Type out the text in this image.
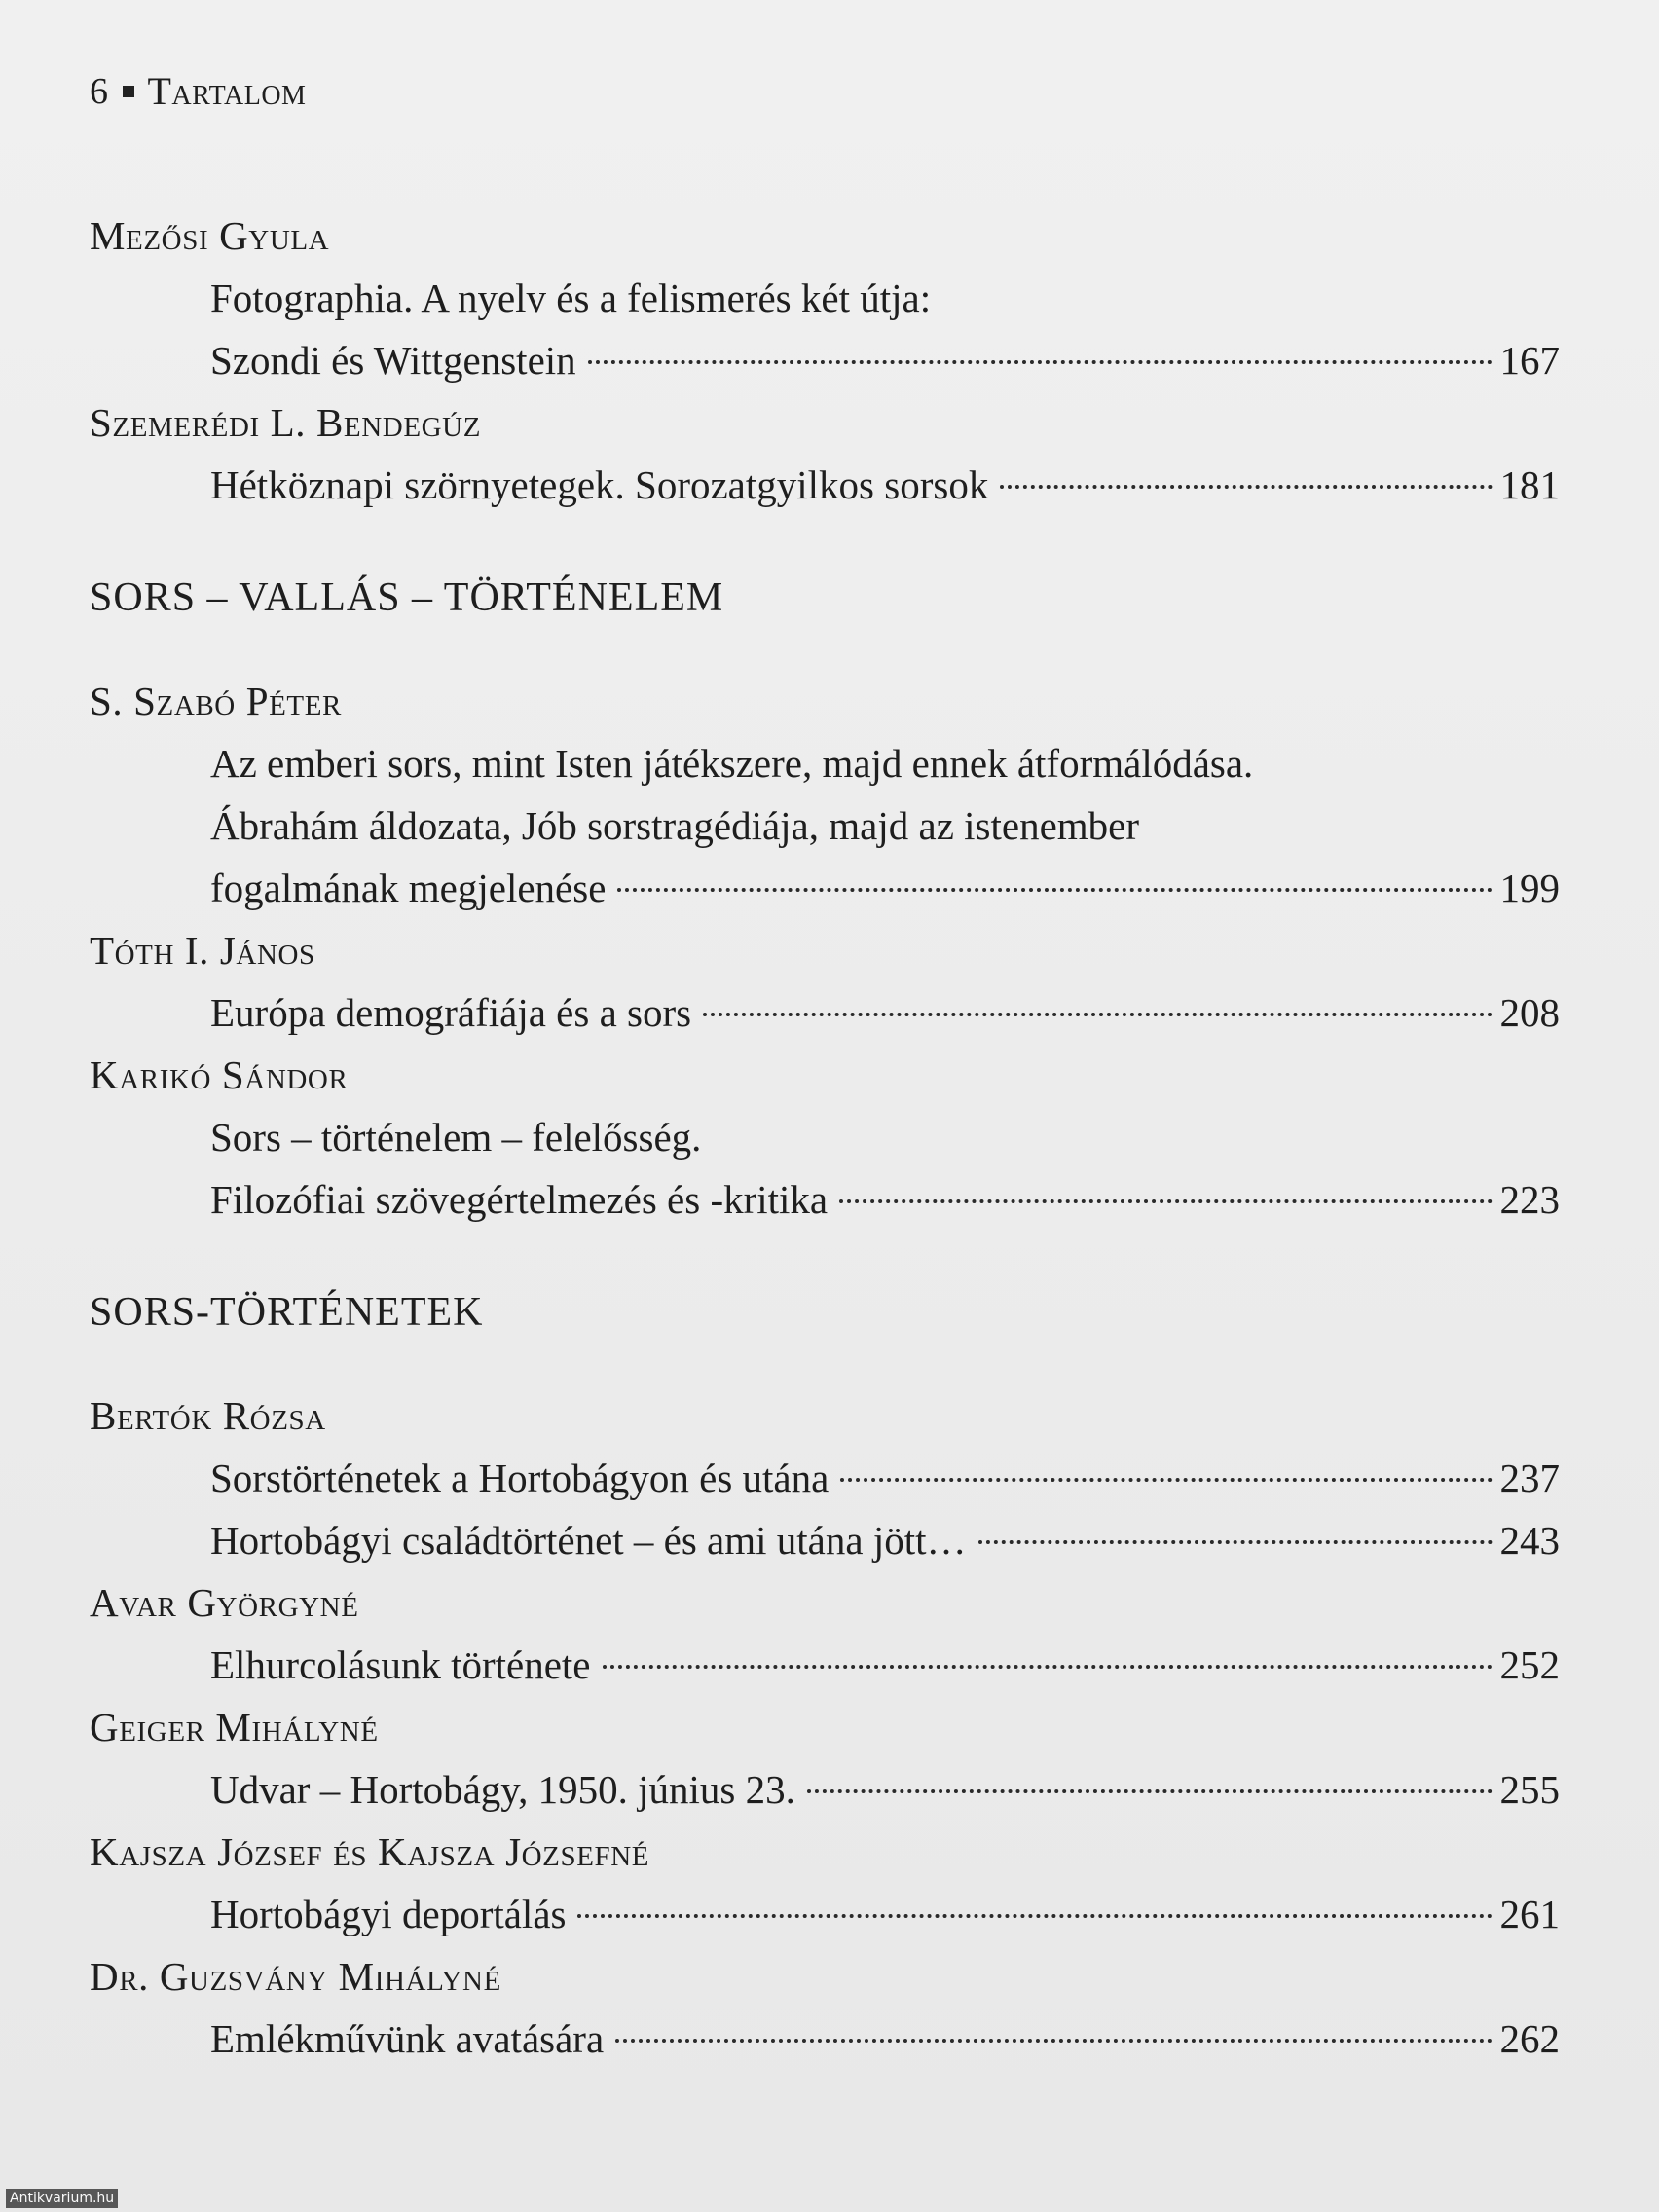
6 Tartalom
Mezősi Gyula
Fotographia. A nyelv és a felismerés két útja:
Szondi és Wittgenstein	167
Szemerédi L. Bendegúz
Hétköznapi szörnyetegek. Sorozatgyilkos sorsok	181
SORS – VALLÁS – TÖRTÉNELEM
S. Szabó Péter
Az emberi sors, mint Isten játékszere, majd ennek átformálódása.
Ábrahám áldozata, Jób sorstragédiája, majd az istenember
fogalmának megjelenése	199
Tóth I. János
Európa demográfiája és a sors	208
Karikó Sándor
Sors – történelem – felelősség.
Filozófiai szövegértelmezés és -kritika	223
SORS-TÖRTÉNETEK
Bertók Rózsa
Sorstörténetek a Hortobágyon és utána	237
Hortobágyi családtörténet – és ami utána jött…	243
Avar Györgyné
Elhurcolásunk története	252
Geiger Mihályné
Udvar – Hortobágy, 1950. június 23.	255
Kajsza József és Kajsza Józsefné
Hortobágyi deportálás	261
Dr. Guzsvány Mihályné
Emlékművünk avatására	262
Antikvarium.hu
